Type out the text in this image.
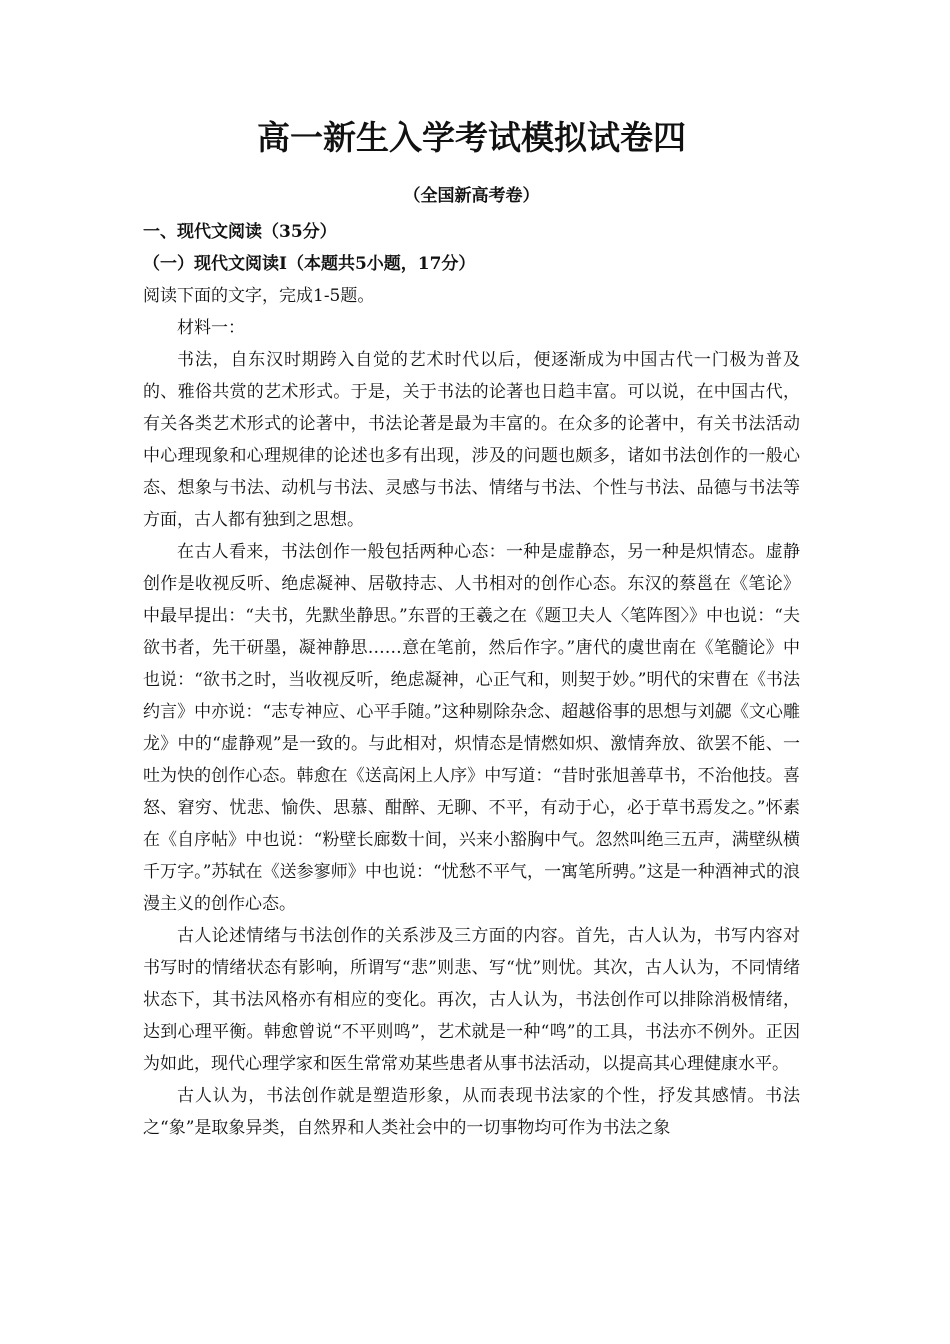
高一新生入学考试模拟试卷四
（全国新高考卷）
一、现代文阅读（35分）
（一）现代文阅读Ⅰ（本题共5小题，17分）
阅读下面的文字，完成1-5题。
材料一：

书法，自东汉时期跨入自觉的艺术时代以后，便逐渐成为中国古代一门极为普及的、雅俗共赏的艺术形式。于是，关于书法的论著也日趋丰富。可以说，在中国古代，有关各类艺术形式的论著中，书法论著是最为丰富的。在众多的论著中，有关书法活动中心理现象和心理规律的论述也多有出现，涉及的问题也颇多，诸如书法创作的一般心态、想象与书法、动机与书法、灵感与书法、情绪与书法、个性与书法、品德与书法等方面，古人都有独到之思想。

在古人看来，书法创作一般包括两种心态：一种是虚静态，另一种是炽情态。虚静创作是收视反听、绝虑凝神、居敬持志、人书相对的创作心态。东汉的蔡邕在《笔论》中最早提出：“夫书，先默坐静思。”东晋的王羲之在《题卫夫人〈笔阵图〉》中也说：“夫欲书者，先干研墨，凝神静思……意在笔前，然后作字。”唐代的虞世南在《笔髓论》中也说：“欲书之时，当收视反听，绝虑凝神，心正气和，则契于妙。”明代的宋曹在《书法约言》中亦说：“志专神应、心平手随。”这种剔除杂念、超越俗事的思想与刘勰《文心雕龙》中的“虚静观”是一致的。与此相对，炽情态是情燃如炽、激情奔放、欲罢不能、一吐为快的创作心态。韩愈在《送高闲上人序》中写道：“昔时张旭善草书，不治他技。喜怒、窘穷、忧悲、愉佚、思慕、酣醉、无聊、不平，有动于心，必于草书焉发之。”怀素在《自序帖》中也说：“粉壁长廊数十间，兴来小豁胸中气。忽然叫绝三五声，满壁纵横千万字。”苏轼在《送参寥师》中也说：“忧愁不平气，一寓笔所骋。”这是一种酒神式的浪漫主义的创作心态。

古人论述情绪与书法创作的关系涉及三方面的内容。首先，古人认为，书写内容对书写时的情绪状态有影响，所谓写“悲”则悲、写“忧”则忧。其次，古人认为，不同情绪状态下，其书法风格亦有相应的变化。再次，古人认为，书法创作可以排除消极情绪，达到心理平衡。韩愈曾说“不平则鸣”，艺术就是一种“鸣”的工具，书法亦不例外。正因为如此，现代心理学家和医生常常劝某些患者从事书法活动，以提高其心理健康水平。

古人认为，书法创作就是塑造形象，从而表现书法家的个性，抒发其感情。书法之“象”是取象异类，自然界和人类社会中的一切事物均可作为书法之象
